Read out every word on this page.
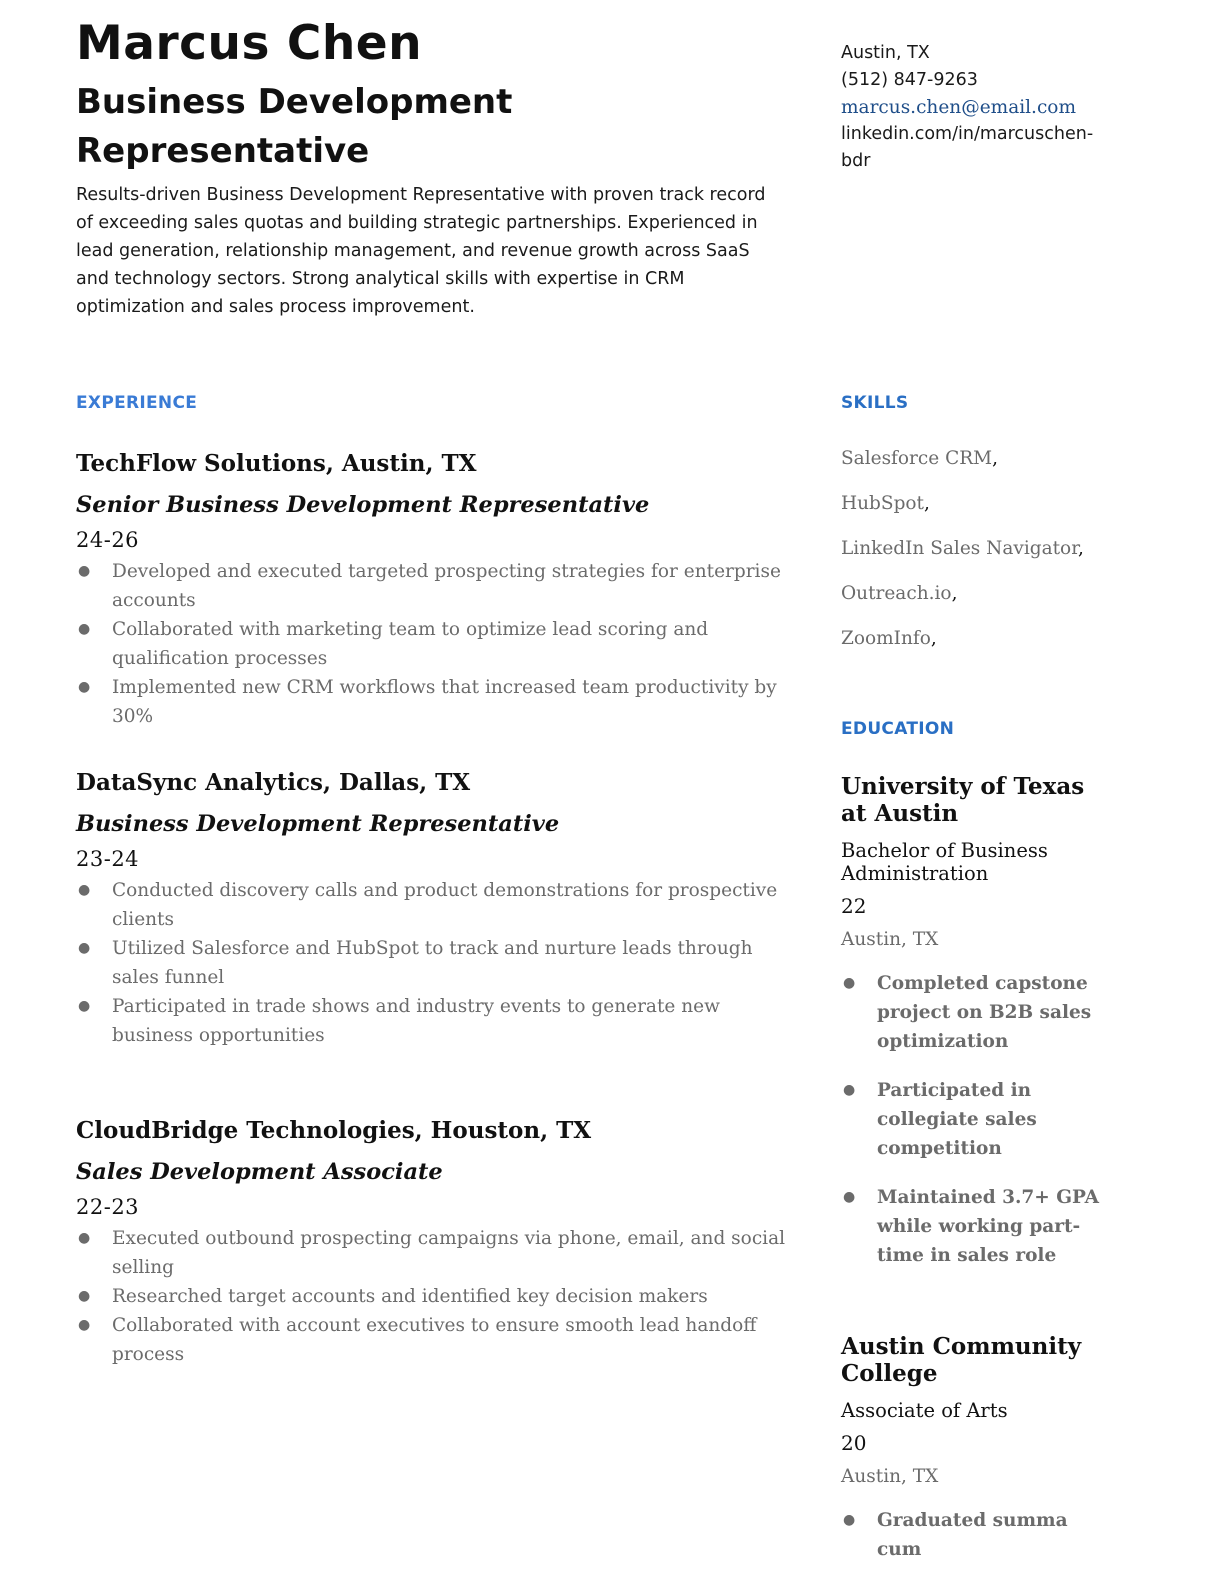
Marcus Chen
Business Development Representative

Results-driven Business Development Representative with proven track record of exceeding sales quotas and building strategic partnerships. Experienced in lead generation, relationship management, and revenue growth across SaaS and technology sectors. Strong analytical skills with expertise in CRM optimization and sales process improvement.

Austin, TX
(512) 847-9263
marcus.chen@email.com
linkedin.com/in/marcuschen-bdr
EXPERIENCE	SKILLS
EDUCATION
TechFlow Solutions, Austin, TX
Senior Business Development Representative
24-26
● Developed and executed targeted prospecting strategies for enterprise accounts
● Collaborated with marketing team to optimize lead scoring and qualification processes
● Implemented new CRM workflows that increased team productivity by 30%
DataSync Analytics, Dallas, TX
Business Development Representative
23-24
● Conducted discovery calls and product demonstrations for prospective clients
● Utilized Salesforce and HubSpot to track and nurture leads through sales funnel
● Participated in trade shows and industry events to generate new business opportunities
CloudBridge Technologies, Houston, TX
Sales Development Associate
22-23
● Executed outbound prospecting campaigns via phone, email, and social selling
● Researched target accounts and identified key decision makers
● Collaborated with account executives to ensure smooth lead handoff process
Salesforce CRM,
HubSpot,
LinkedIn Sales Navigator,
Outreach.io,
ZoomInfo,
University of Texas at Austin
Bachelor of Business Administration
22
Austin, TX
● Completed capstone project on B2B sales optimization
● Participated in collegiate sales competition
● Maintained 3.7+ GPA while working part-time in sales role
Austin Community College
Associate of Arts
20
Austin, TX
● Graduated summa cum
